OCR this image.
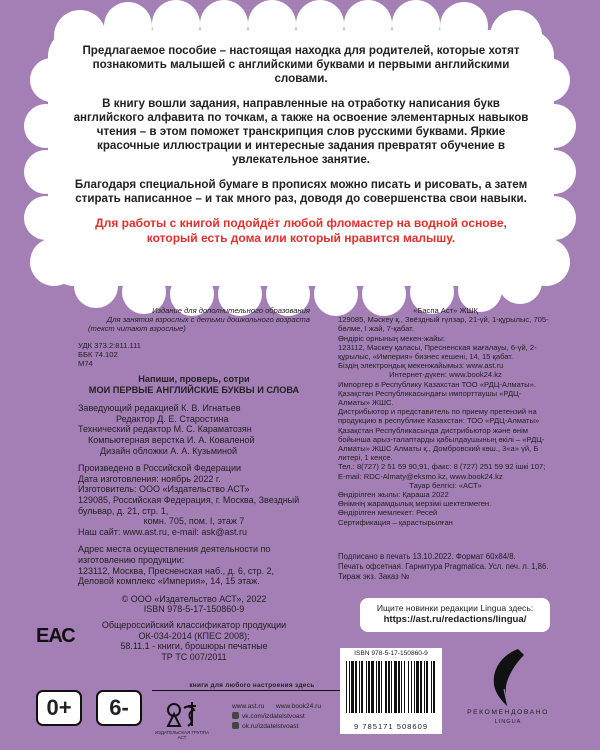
Предлагаемое пособие – настоящая находка для родителей, которые хотят познакомить малышей с английскими буквами и первыми английскими словами.

В книгу вошли задания, направленные на отработку написания букв английского алфавита по точкам, а также на освоение элементарных навыков чтения – в этом поможет транскрипция слов русскими буквами. Яркие красочные иллюстрации и интересные задания превратят обучение в увлекательное занятие.

Благодаря специальной бумаге в прописях можно писать и рисовать, а затем стирать написанное – и так много раз, доводя до совершенства свои навыки.

Для работы с книгой подойдёт любой фломастер на водной основе, который есть дома или который нравится малышу.

Издание для дополнительного образования
Для занятия взрослых с детьми дошкольного возраста
(текст читают взрослые)
УДК 373.2:811.111
ББК 74.102
М74
Напиши, проверь, сотри
МОИ ПЕРВЫЕ АНГЛИЙСКИЕ БУКВЫ И СЛОВА
Заведующий редакцией К. В. Игнатьев
Редактор Д. Е. Старостина
Технический редактор М. С. Караматозян
Компьютерная верстка И. А. Коваленой
Дизайн обложки А. А. Кузьминой
Произведено в Российской Федерации
Дата изготовления: ноябрь 2022 г.
Изготовитель: ООО «Издательство АСТ»
129085, Российская Федерация, г. Москва, Звездный бульвар, д. 21, стр. 1,
комн. 705, пом. I, этаж 7
Наш сайт: www.ast.ru, e-mail: ask@ast.ru
Адрес места осуществления деятельности по изготовлению продукции:
123112, Москва, Пресненская наб., д. 6, стр. 2, Деловой комплекс «Империя», 14, 15 этаж.
© ООО «Издательство АСТ», 2022
ISBN 978-5-17-150860-9
Общероссийский классификатор продукции
ОК-034-2014 (КПЕС 2008);
58.11.1 - книги, брошюры печатные
ТР ТС 007/2011
«Баспа Аст» ЖШҚ
129085, Мәскеу қ., Звёздный гүлзар, 21-үй, 1-құрылыс, 705-бөлме, I жай, 7-қабат.
Өндіріс орнының мекен-жайы:
123112, Мәскеу қаласы, Пресненская жағалауы, 6-үй, 2-құрылыс, «Империя» бизнес кешені, 14, 15 қабат.
Біздің электрондық мекенжайымыз: www.ast.ru
Интернет-дүкен: www.book24.kz
Импортер в Республику Казахстан ТОО «РДЦ-Алматы».
Қазақстан Республикасындағы импорттаушы «РДЦ-Алматы» ЖШС.
Дистрибьютор и представитель по приему претензий на продукцию в республике Казахстан: ТОО «РДЦ-Алматы»
Қазақстан Республикасында дистрибьютор және өнім бойынша арыз-талаптарды қабылдаушының өкілі – «РДЦ-Алматы» ЖШС Алматы қ., Домбровский көш., 3«а» үй, Б литері, 1 кеңсе.
Тел.: 8(727) 2 51 59 90,91, факс: 8 (727) 251 59 92 ішкі 107; E-mail: RDC-Almaty@eksmo.kz, www.book24.kz
Тауар белгісі: «АСТ»
Өндірілген жылы: Қараша 2022
Өнімнің жарамдылық мерзімі шектелмеген.
Өндірілген мемлекет: Ресей
Сертификация – қарастырылған
Подписано в печать 13.10.2022. Формат 60х84/8.
Печать офсетная. Гарнитура Pragmatica. Усл. печ. л. 1,86.
Тираж экз. Заказ №
Ищите новинки редакции Lingua здесь:
https://ast.ru/redactions/lingua/
ЕАС
0+	6-
книги для любого настроения здесь
ИЗДАТЕЛЬСКАЯ ГРУППА АСТ
www.ast.ru www.book24.ru
vk.com/izdatelstvoast
ok.ru/izdatelstvoast
ISBN 978-5-17-150860-9
9 785171 508609
РЕКОМЕНДОВАНО
LINGUA
